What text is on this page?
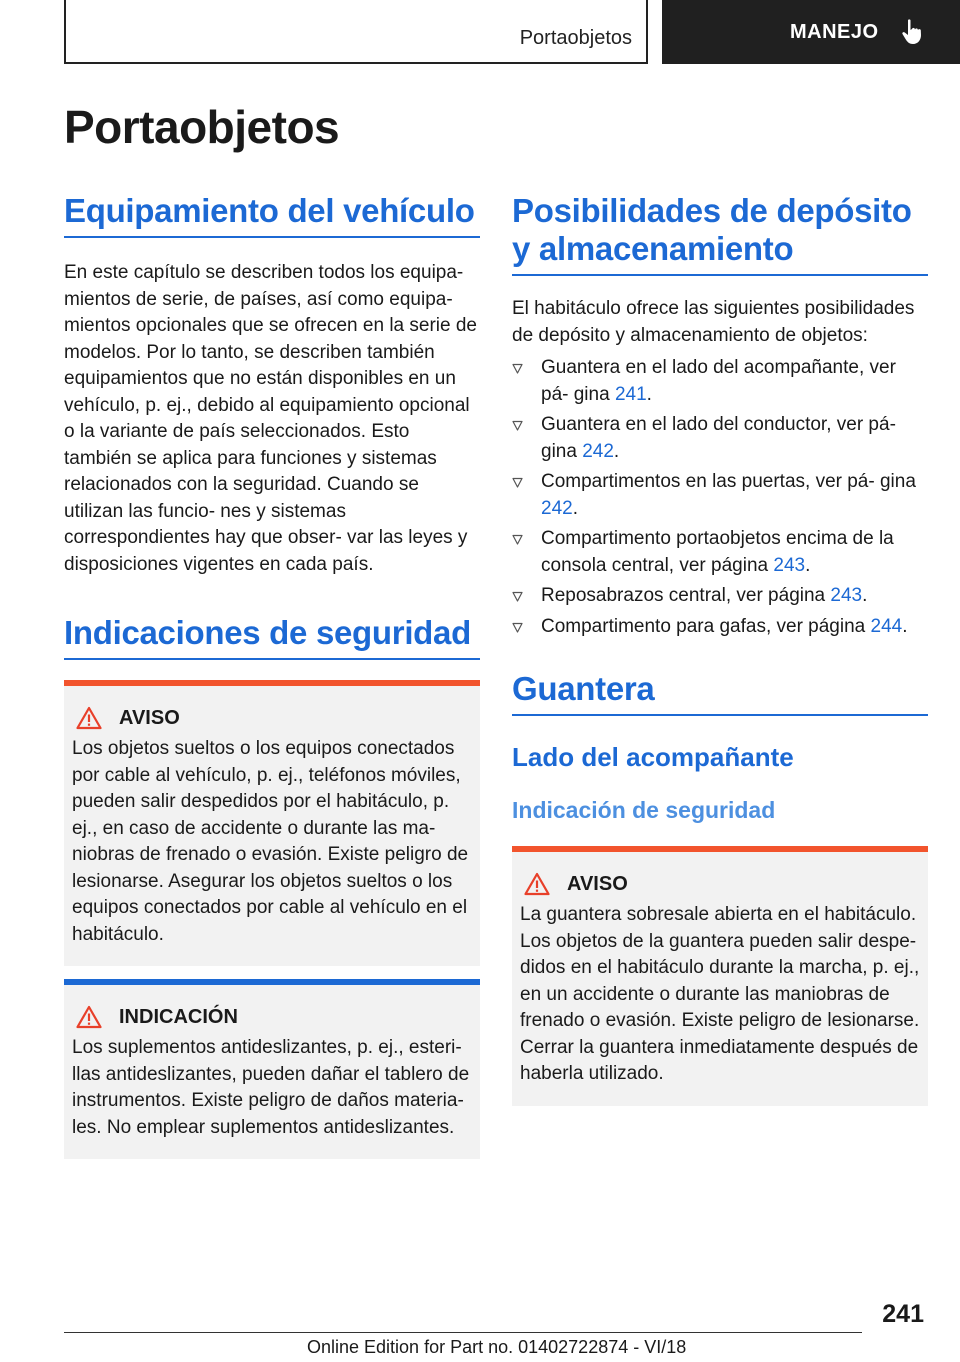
Portaobjetos	MANEJO
Portaobjetos
Equipamiento del vehículo

En este capítulo se describen todos los equipa- mientos de serie, de países, así como equipa- mientos opcionales que se ofrecen en la serie de modelos. Por lo tanto, se describen también equipamientos que no están disponibles en un vehículo, p. ej., debido al equipamiento opcional o la variante de país seleccionados. Esto también se aplica para funciones y sistemas relacionados con la seguridad. Cuando se utilizan las funcio- nes y sistemas correspondientes hay que obser- var las leyes y disposiciones vigentes en cada país.

Indicaciones de seguridad
AVISO

Los objetos sueltos o los equipos conectados por cable al vehículo, p. ej., teléfonos móviles, pueden salir despedidos por el habitáculo, p. ej., en caso de accidente o durante las ma- niobras de frenado o evasión. Existe peligro de lesionarse. Asegurar los objetos sueltos o los equipos conectados por cable al vehículo en el habitáculo.

INDICACIÓN

Los suplementos antideslizantes, p. ej., esteri- llas antideslizantes, pueden dañar el tablero de instrumentos. Existe peligro de daños materia- les. No emplear suplementos antideslizantes.

Posibilidades de depósito y almacenamiento

El habitáculo ofrece las siguientes posibilidades de depósito y almacenamiento de objetos:

Guantera en el lado del acompañante, ver pá- gina 241.
Guantera en el lado del conductor, ver pá- gina 242.
Compartimentos en las puertas, ver pá- gina 242.
Compartimento portaobjetos encima de la consola central, ver página 243.
Reposabrazos central, ver página 243.
Compartimento para gafas, ver página 244.
Guantera
Lado del acompañante
Indicación de seguridad
AVISO

La guantera sobresale abierta en el habitáculo. Los objetos de la guantera pueden salir despe- didos en el habitáculo durante la marcha, p. ej., en un accidente o durante las maniobras de frenado o evasión. Existe peligro de lesionarse. Cerrar la guantera inmediatamente después de haberla utilizado.

241
Online Edition for Part no. 01402722874 - VI/18
